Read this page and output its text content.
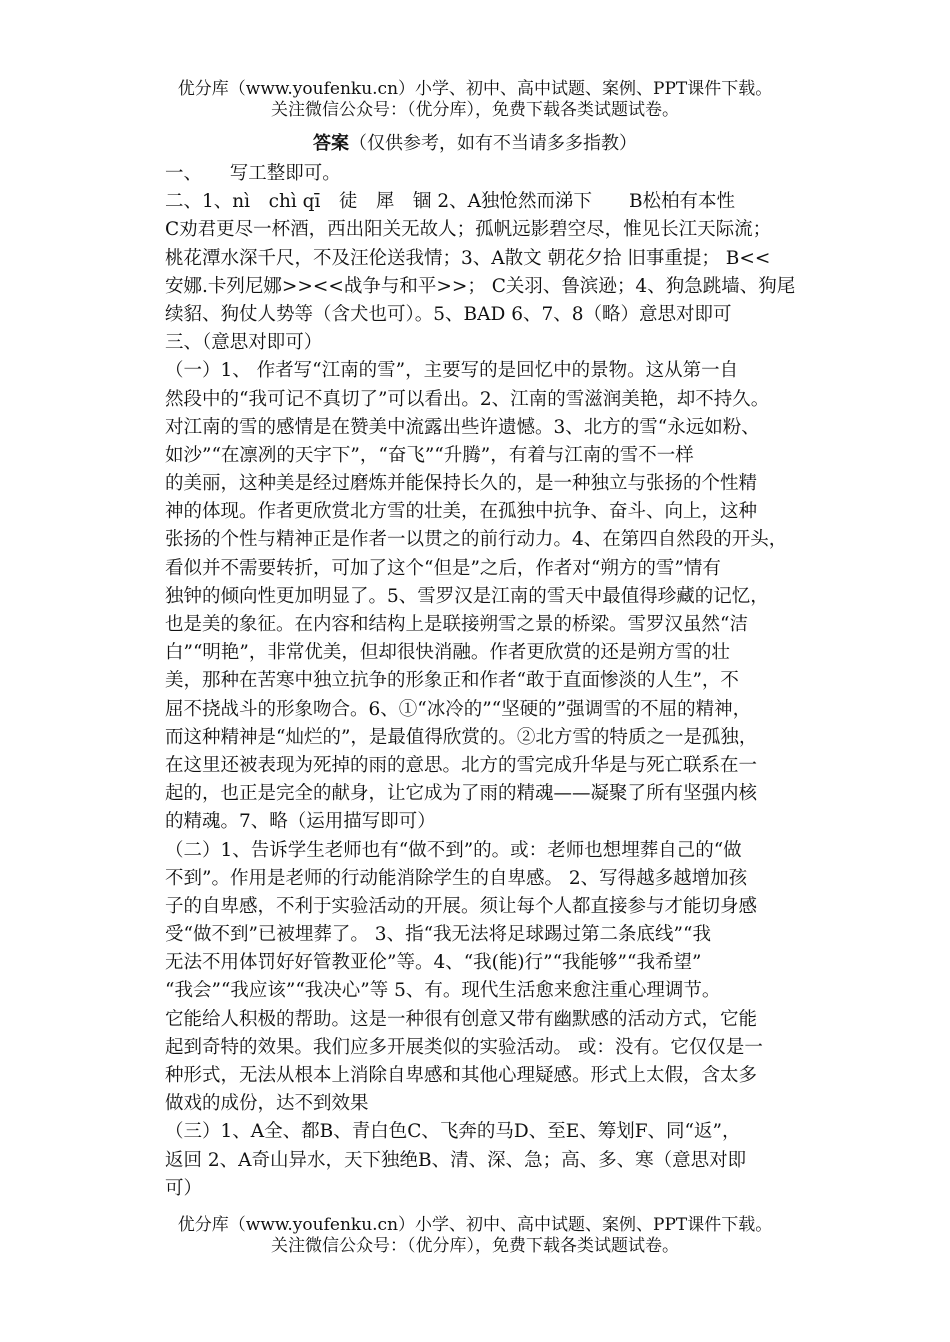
优分库（www.youfenku.cn）小学、初中、高中试题、案例、PPT课件下载。
关注微信公众号：（优分库），免费下载各类试题试卷。
答案（仅供参考，如有不当请多多指教）
一、　　写工整即可。
二、1、nì　chì qī　徒　犀　锢 2、A独怆然而涕下　　B松柏有本性
C劝君更尽一杯酒，西出阳关无故人；孤帆远影碧空尽，惟见长江天际流；
桃花潭水深千尺，不及汪伦送我情；3、A散文 朝花夕拾 旧事重提； B<<
安娜.卡列尼娜>><<战争与和平>>； C关羽、鲁滨逊；4、狗急跳墙、狗尾
续貂、狗仗人势等（含犬也可）。5、BAD 6、7、8（略）意思对即可
三、（意思对即可）
（一）1、 作者写“江南的雪”，主要写的是回忆中的景物。这从第一自
然段中的“我可记不真切了”可以看出。2、江南的雪滋润美艳，却不持久。
对江南的雪的感情是在赞美中流露出些许遗憾。3、北方的雪“永远如粉、
如沙”“在凛冽的天宇下”，“奋飞”“升腾”，有着与江南的雪不一样
的美丽，这种美是经过磨炼并能保持长久的，是一种独立与张扬的个性精
神的体现。作者更欣赏北方雪的壮美，在孤独中抗争、奋斗、向上，这种
张扬的个性与精神正是作者一以贯之的前行动力。4、在第四自然段的开头，
看似并不需要转折，可加了这个“但是”之后，作者对“朔方的雪”情有
独钟的倾向性更加明显了。5、雪罗汉是江南的雪天中最值得珍藏的记忆，
也是美的象征。在内容和结构上是联接朔雪之景的桥梁。雪罗汉虽然“洁
白”“明艳”，非常优美，但却很快消融。作者更欣赏的还是朔方雪的壮
美，那种在苦寒中独立抗争的形象正和作者“敢于直面惨淡的人生”，不
屈不挠战斗的形象吻合。6、①“冰冷的”“坚硬的”强调雪的不屈的精神，
而这种精神是“灿烂的”，是最值得欣赏的。②北方雪的特质之一是孤独，
在这里还被表现为死掉的雨的意思。北方的雪完成升华是与死亡联系在一
起的，也正是完全的献身，让它成为了雨的精魂——凝聚了所有坚强内核
的精魂。7、略（运用描写即可）
（二）1、告诉学生老师也有“做不到”的。或：老师也想埋葬自己的“做
不到”。作用是老师的行动能消除学生的自卑感。 2、写得越多越增加孩
子的自卑感，不利于实验活动的开展。须让每个人都直接参与才能切身感
受“做不到”已被埋葬了。 3、指“我无法将足球踢过第二条底线”“我
无法不用体罚好好管教亚伦”等。4、“我(能)行”“我能够”“我希望”
“我会”“我应该”“我决心”等 5、有。现代生活愈来愈注重心理调节。
它能给人积极的帮助。这是一种很有创意又带有幽默感的活动方式，它能
起到奇特的效果。我们应多开展类似的实验活动。 或：没有。它仅仅是一
种形式，无法从根本上消除自卑感和其他心理疑感。形式上太假，含太多
做戏的成份，达不到效果
（三）1、A全、都B、青白色C、飞奔的马D、至E、筹划F、同“返”，
返回 2、A奇山异水，天下独绝B、清、深、急；高、多、寒（意思对即
可）
优分库（www.youfenku.cn）小学、初中、高中试题、案例、PPT课件下载。
关注微信公众号：（优分库），免费下载各类试题试卷。
